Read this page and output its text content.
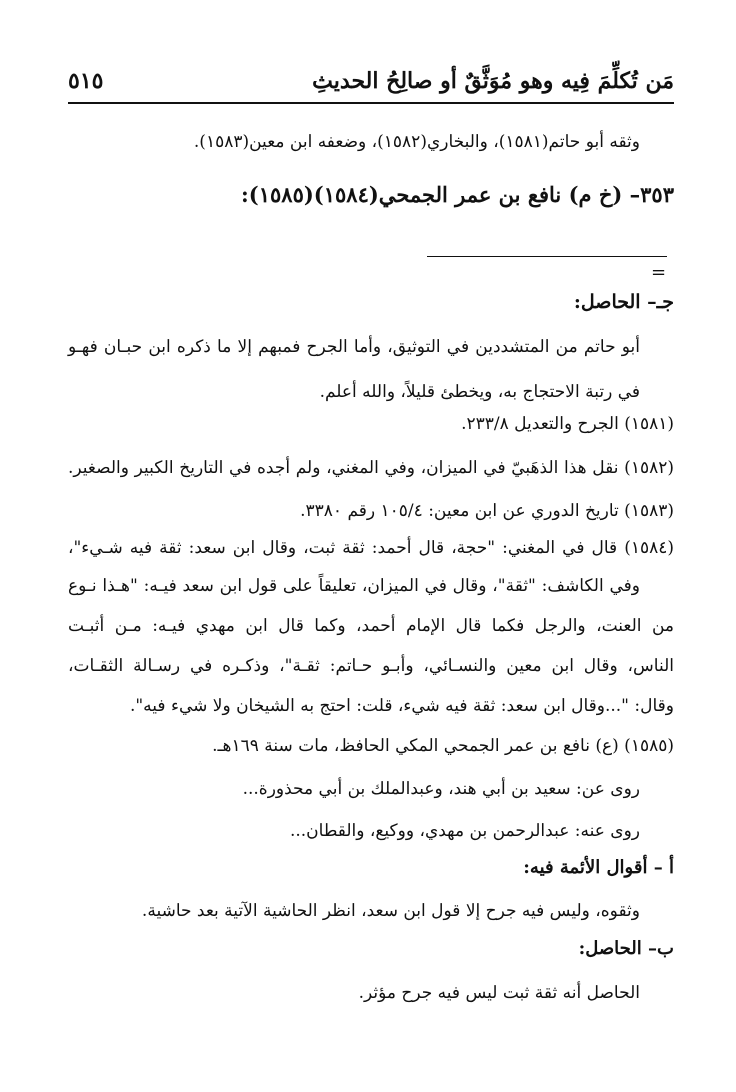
مَن تُكلِّمَ فِيه وهو مُوَثَّقٌ أو صالِحُ الحديثِ
٥١٥
وثقه أبو حاتم(١٥٨١)، والبخاري(١٥٨٢)، وضعفه ابن معين(١٥٨٣).
٣٥٣– (خ م) نافع بن عمر الجمحي(١٥٨٤)(١٥٨٥):
=
جـ– الحاصل:
أبو حاتم من المتشددين في التوثيق، وأما الجرح فمبهم إلا ما ذكره ابن حبـان فهـو
في رتبة الاحتجاج به، ويخطئ قليلاً، والله أعلم.
(١٥٨١) الجرح والتعديل ٢٣٣/٨.
(١٥٨٢) نقل هذا الذهَبيّ في الميزان، وفي المغني، ولم أجده في التاريخ الكبير والصغير.
(١٥٨٣) تاريخ الدوري عن ابن معين: ١٠٥/٤ رقم ٣٣٨٠.
(١٥٨٤) قال في المغني: "حجة، قال أحمد: ثقة ثبت، وقال ابن سعد: ثقة فيه شـيء"،
وفي الكاشف: "ثقة"، وقال في الميزان، تعليقاً على قول ابن سعد فيـه: "هـذا نـوع
من العنت، والرجل فكما قال الإمام أحمد، وكما قال ابن مهدي فيـه: مـن أثبـت
الناس، وقال ابن معين والنسـائي، وأبـو حـاتم: ثقـة"، وذكـره في رسـالة الثقـات،
وقال: "...وقال ابن سعد: ثقة فيه شيء، قلت: احتج به الشيخان ولا شيء فيه".
(١٥٨٥) (ع) نافع بن عمر الجمحي المكي الحافظ، مات سنة ١٦٩هـ.
روى عن: سعيد بن أبي هند، وعبدالملك بن أبي محذورة...
روى عنه: عبدالرحمن بن مهدي، ووكيع، والقطان...
أ – أقوال الأئمة فيه:
وثقوه، وليس فيه جرح إلا قول ابن سعد، انظر الحاشية الآتية بعد حاشية.
ب– الحاصل:
الحاصل أنه ثقة ثبت ليس فيه جرح مؤثر.
